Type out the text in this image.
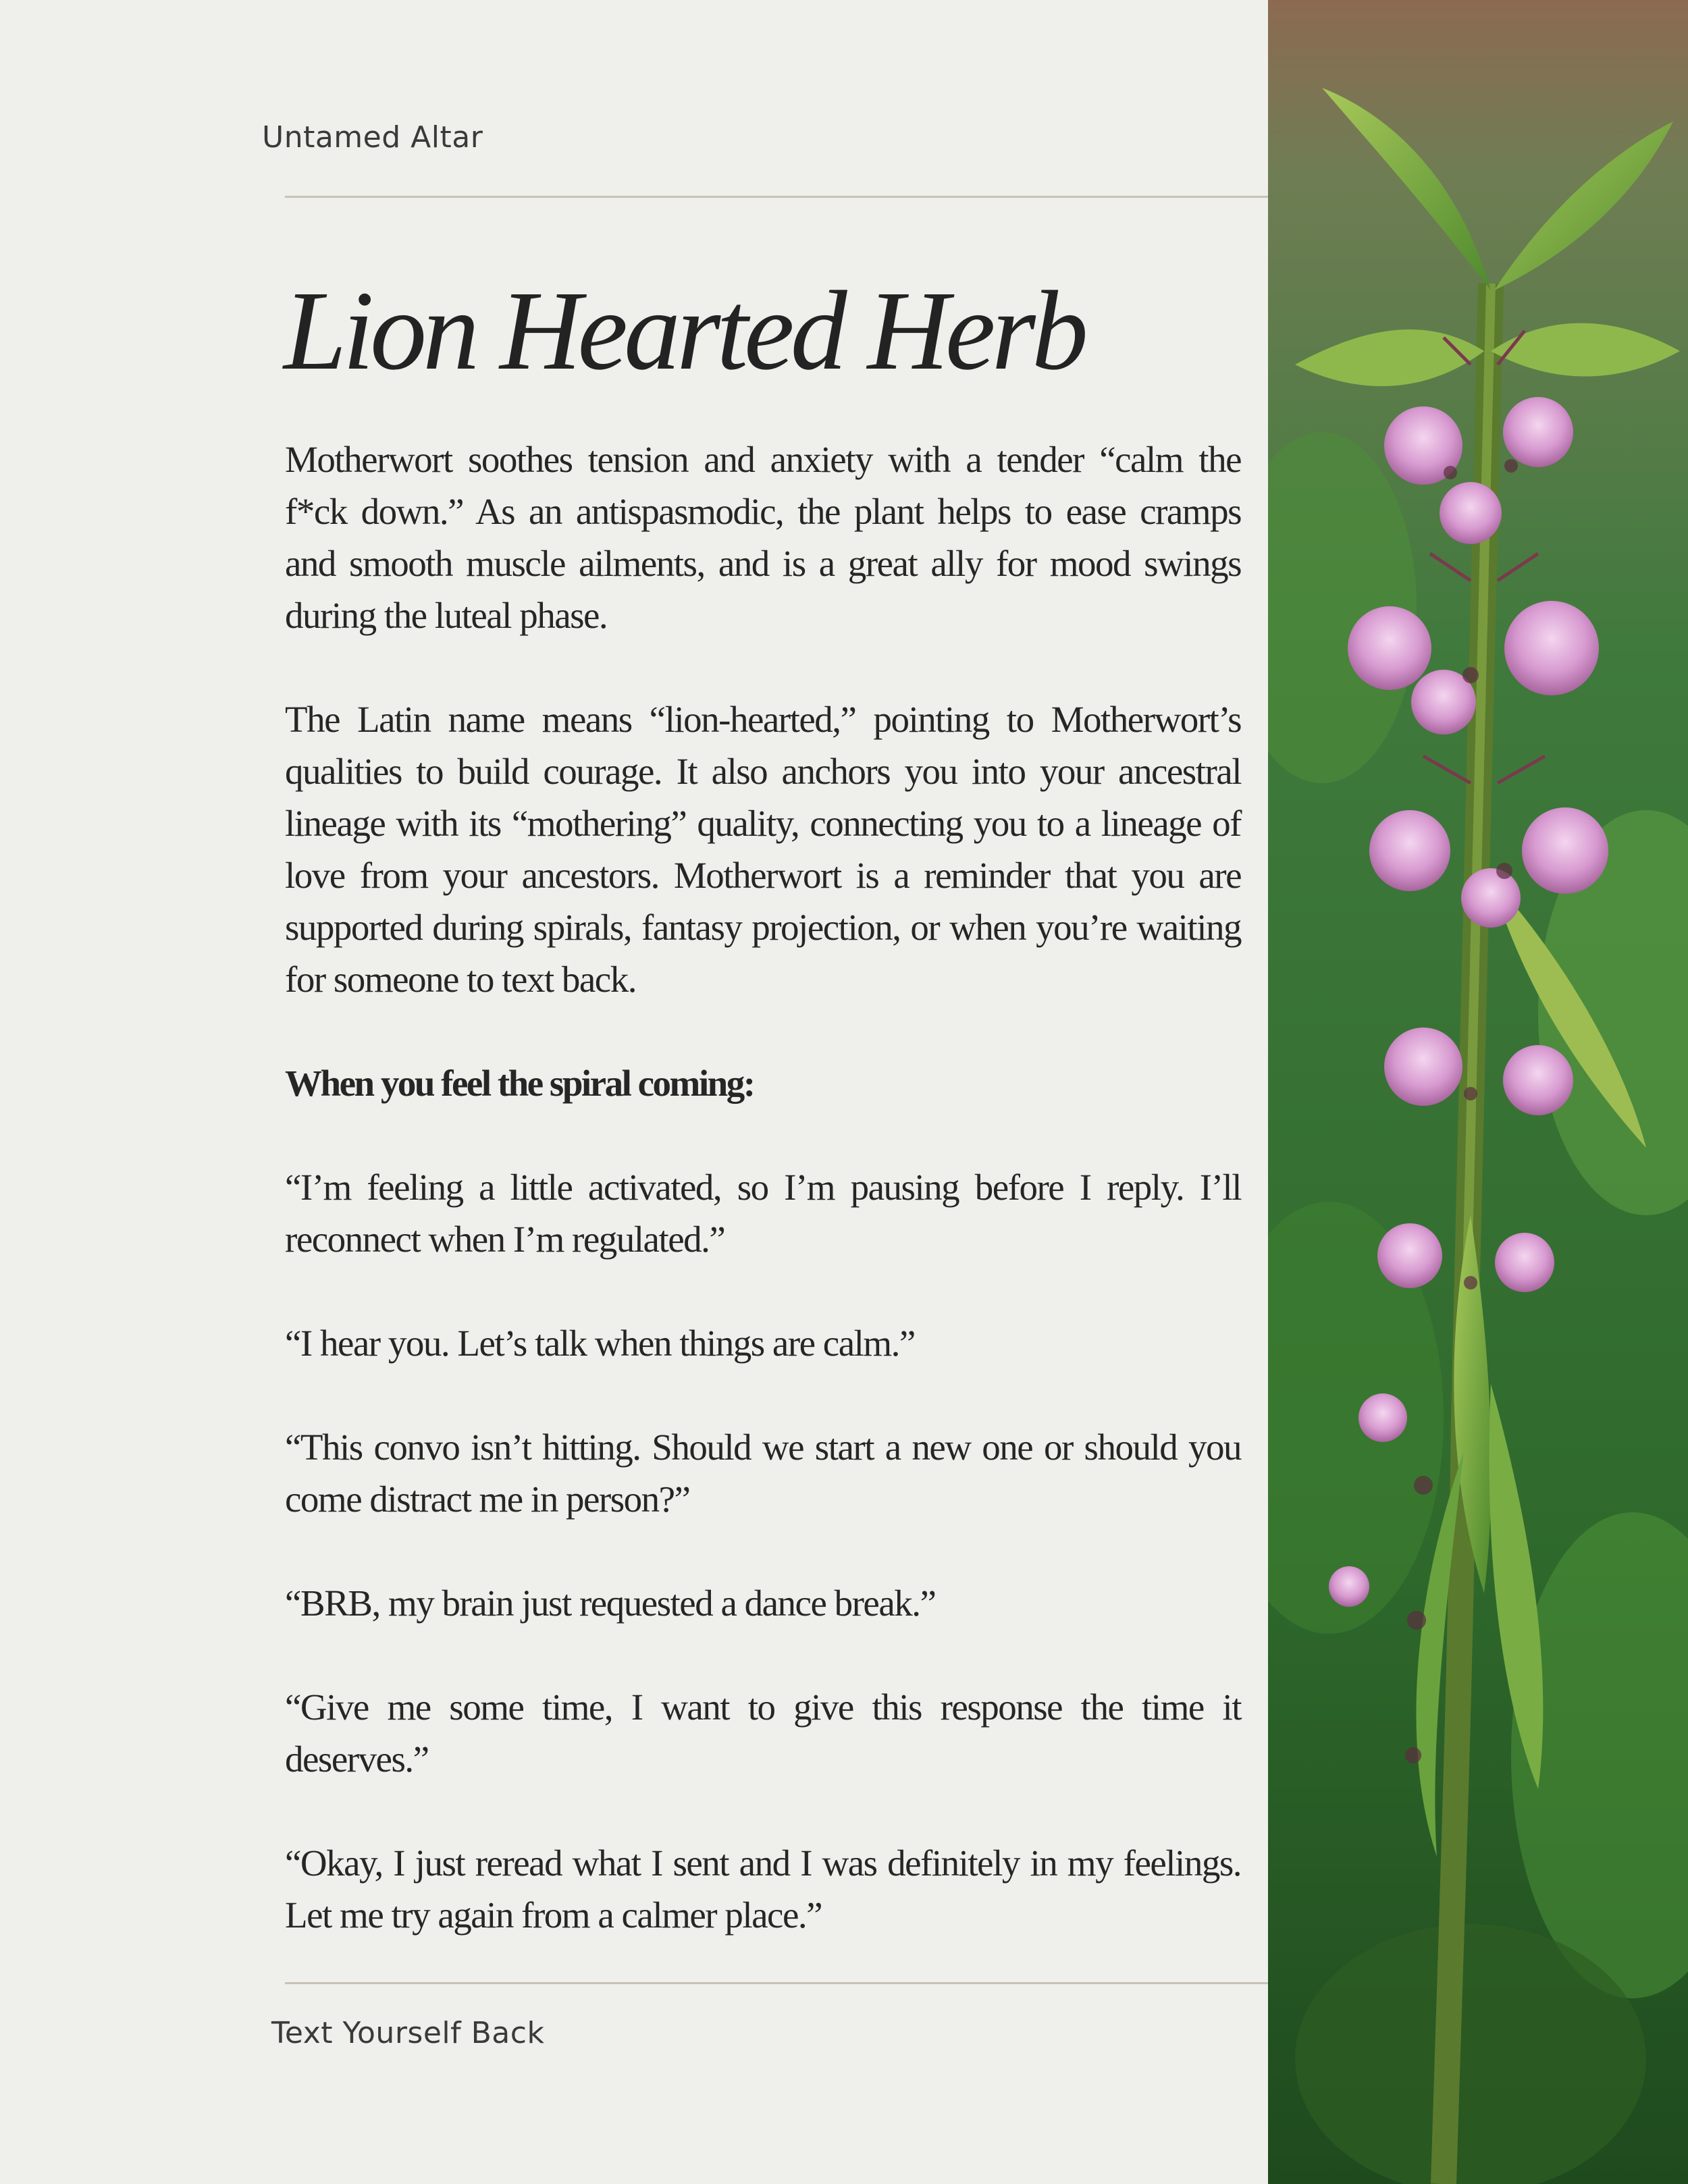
Untamed Altar
Lion Hearted Herb

Motherwort soothes tension and anxiety with a tender “calm the f*ck down.” As an antispasmodic, the plant helps to ease cramps and smooth muscle ailments, and is a great ally for mood swings during the luteal phase.

The Latin name means “lion-hearted,” pointing to Motherwort’s qualities to build courage. It also anchors you into your ancestral lineage with its “mothering” quality, connecting you to a lineage of love from your ancestors. Motherwort is a reminder that you are supported during spirals, fantasy projection, or when you’re waiting for someone to text back.

When you feel the spiral coming:

“I’m feeling a little activated, so I’m pausing before I reply. I’ll reconnect when I’m regulated.”

“I hear you. Let’s talk when things are calm.”

“This convo isn’t hitting. Should we start a new one or should you come distract me in person?”

“BRB, my brain just requested a dance break.”

“Give me some time, I want to give this response the time it deserves.”

“Okay, I just reread what I sent and I was definitely in my feelings. Let me try again from a calmer place.”

Text Yourself Back
